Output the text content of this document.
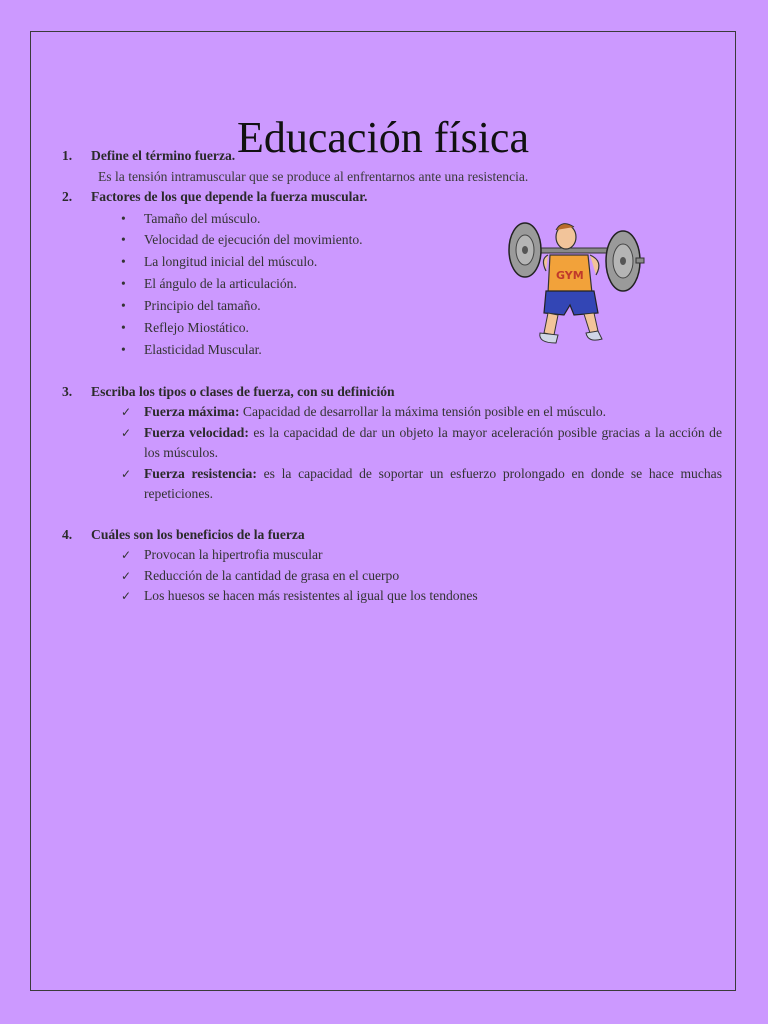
Educación física
1. Define el término fuerza.
Es la tensión intramuscular que se produce al enfrentarnos ante una resistencia.
2. Factores de los que depende la fuerza muscular.
• Tamaño del músculo.
• Velocidad de ejecución del movimiento.
• La longitud inicial del músculo.
• El ángulo de la articulación.
• Principio del tamaño.
• Reflejo Miostático.
• Elasticidad Muscular.
3. Escriba los tipos o clases de fuerza, con su definición
✓ Fuerza máxima: Capacidad de desarrollar la máxima tensión posible en el músculo.
✓ Fuerza velocidad: es la capacidad de dar un objeto la mayor aceleración posible gracias a la acción de los músculos.
✓ Fuerza resistencia: es la capacidad de soportar un esfuerzo prolongado en donde se hace muchas repeticiones.
4. Cuáles son los beneficios de la fuerza
✓ Provocan la hipertrofia muscular
✓ Reducción de la cantidad de grasa en el cuerpo
✓ Los huesos se hacen más resistentes al igual que los tendones
GYM
